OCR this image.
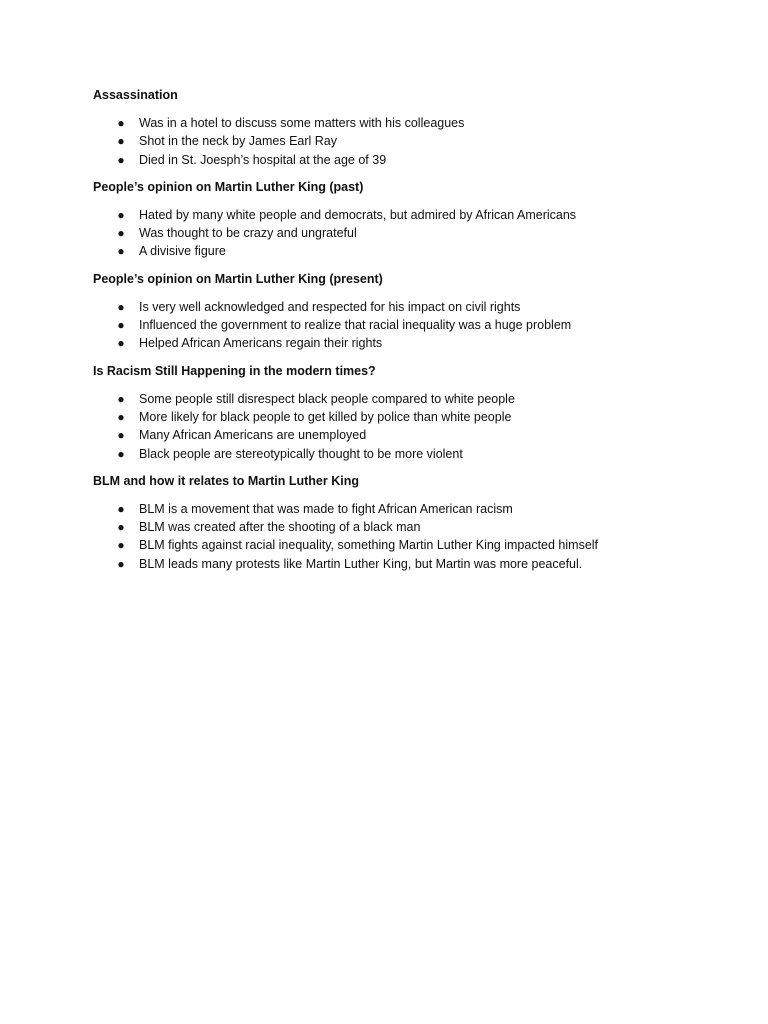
Assassination
● Was in a hotel to discuss some matters with his colleagues
● Shot in the neck by James Earl Ray
● Died in St. Joesph’s hospital at the age of 39
People’s opinion on Martin Luther King (past)
● Hated by many white people and democrats, but admired by African Americans
● Was thought to be crazy and ungrateful
● A divisive figure
People’s opinion on Martin Luther King (present)
● Is very well acknowledged and respected for his impact on civil rights
● Influenced the government to realize that racial inequality was a huge problem
● Helped African Americans regain their rights
Is Racism Still Happening in the modern times?
● Some people still disrespect black people compared to white people
● More likely for black people to get killed by police than white people
● Many African Americans are unemployed
● Black people are stereotypically thought to be more violent
BLM and how it relates to Martin Luther King
● BLM is a movement that was made to fight African American racism
● BLM was created after the shooting of a black man
● BLM fights against racial inequality, something Martin Luther King impacted himself
● BLM leads many protests like Martin Luther King, but Martin was more peaceful.
